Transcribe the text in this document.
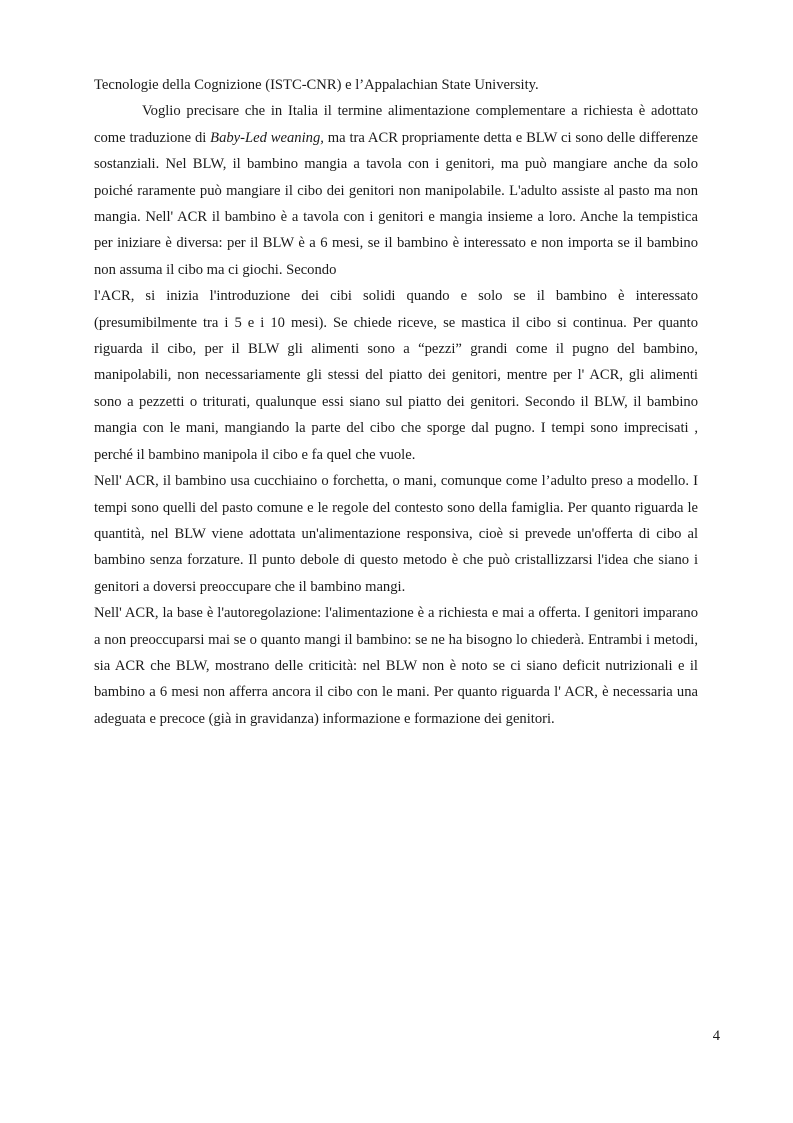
Tecnologie della Cognizione (ISTC-CNR) e l’Appalachian State University.

Voglio precisare che in Italia il termine alimentazione complementare a richiesta è adottato come traduzione di Baby-Led weaning, ma tra ACR propriamente detta e BLW ci sono delle differenze sostanziali. Nel BLW, il bambino mangia a tavola con i genitori, ma può mangiare anche da solo poiché raramente può mangiare il cibo dei genitori non manipolabile. L'adulto assiste al pasto ma non mangia. Nell' ACR il bambino è a tavola con i genitori e mangia insieme a loro. Anche la tempistica per iniziare è diversa: per il BLW è a 6 mesi, se il bambino è interessato e non importa se il bambino non assuma il cibo ma ci giochi. Secondo

l'ACR, si inizia l'introduzione dei cibi solidi quando e solo se il bambino è interessato (presumibilmente tra i 5 e i 10 mesi). Se chiede riceve, se mastica il cibo si continua. Per quanto riguarda il cibo, per il BLW gli alimenti sono a “pezzi” grandi come il pugno del bambino, manipolabili, non necessariamente gli stessi del piatto dei genitori, mentre per l' ACR, gli alimenti sono a pezzetti o triturati, qualunque essi siano sul piatto dei genitori. Secondo il BLW, il bambino mangia con le mani, mangiando la parte del cibo che sporge dal pugno. I tempi sono imprecisati , perché il bambino manipola il cibo e fa quel che vuole.

Nell' ACR, il bambino usa cucchiaino o forchetta, o mani, comunque come l’adulto preso a modello. I tempi sono quelli del pasto comune e le regole del contesto sono della famiglia. Per quanto riguarda le quantità, nel BLW viene adottata un'alimentazione responsiva, cioè si prevede un'offerta di cibo al bambino senza forzature. Il punto debole di questo metodo è che può cristallizzarsi l'idea che siano i genitori a doversi preoccupare che il bambino mangi.

Nell' ACR, la base è l'autoregolazione: l'alimentazione è a richiesta e mai a offerta. I genitori imparano a non preoccuparsi mai se o quanto mangi il bambino: se ne ha bisogno lo chiederà. Entrambi i metodi, sia ACR che BLW, mostrano delle criticità: nel BLW non è noto se ci siano deficit nutrizionali e il bambino a 6 mesi non afferra ancora il cibo con le mani. Per quanto riguarda l' ACR, è necessaria una adeguata e precoce (già in gravidanza) informazione e formazione dei genitori.

4
